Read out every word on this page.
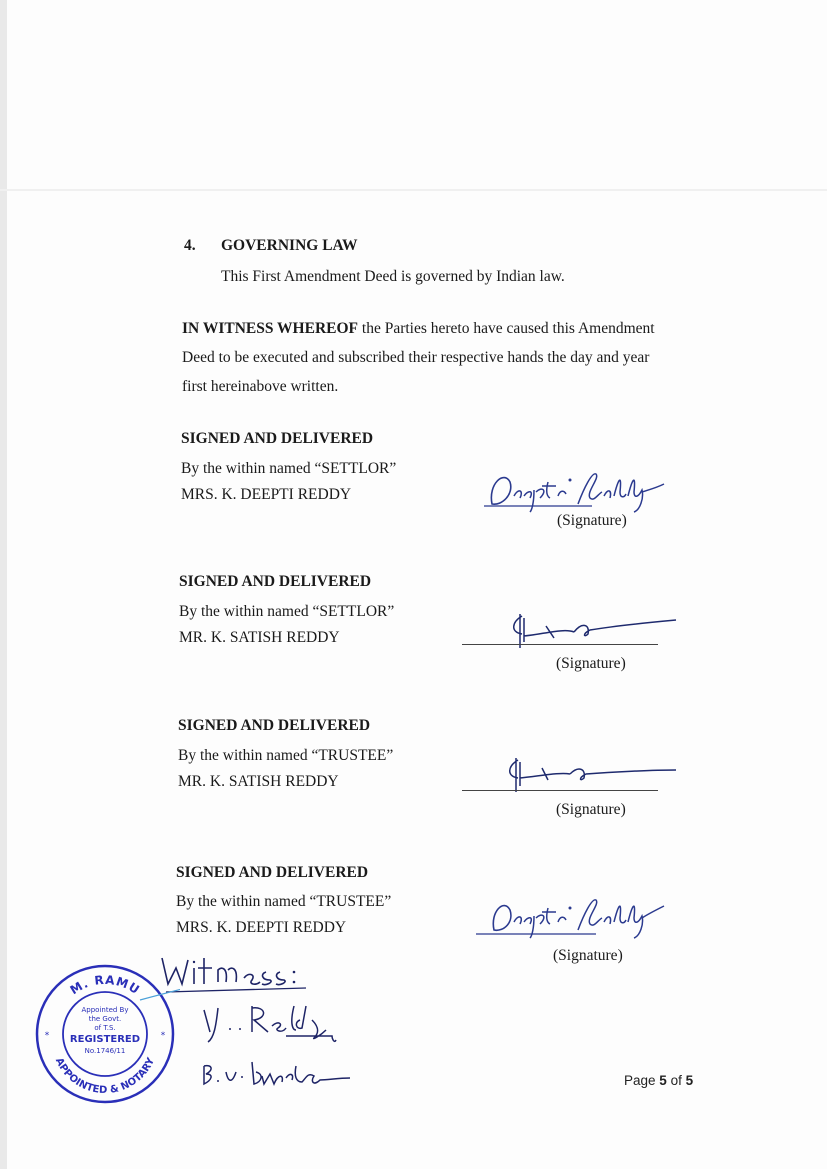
4. GOVERNING LAW
This First Amendment Deed is governed by Indian law.
IN WITNESS WHEREOF the Parties hereto have caused this Amendment
Deed to be executed and subscribed their respective hands the day and year
first hereinabove written.
SIGNED AND DELIVERED
By the within named “SETTLOR”
MRS. K. DEEPTI REDDY
SIGNED AND DELIVERED
By the within named “SETTLOR”
MR. K. SATISH REDDY
SIGNED AND DELIVERED
By the within named “TRUSTEE”
MR. K. SATISH REDDY
SIGNED AND DELIVERED
By the within named “TRUSTEE”
MRS. K. DEEPTI REDDY
(Signature)
(Signature)
(Signature)
(Signature)
M. RAMU
APPOINTED & NOTARY
Appointed By
the Govt.
of T.S.
REGISTERED
No.1746/11
*	*
Page 5 of 5
